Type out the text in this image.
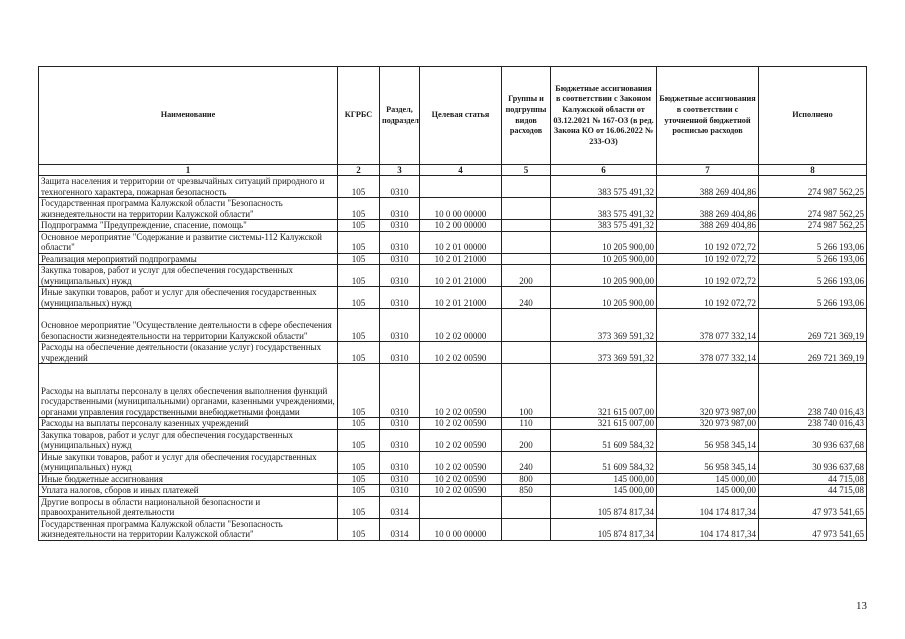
Наименование	КГРБС	Раздел, подраздел	Целевая статья	Группы и подгруппы видов расходов	Бюджетные ассигнования в соответствии с Законом Калужской области от 03.12.2021 № 167-ОЗ (в ред. Закона КО от 16.06.2022 № 233-ОЗ)	Бюджетные ассигнования в соответствии с уточненной бюджетной росписью расходов	Исполнено
1	2	3	4	5	6	7	8
Защита населения и территории от чрезвычайных ситуаций природного и техногенного характера, пожарная безопасность	105	0310			383 575 491,32	388 269 404,86	274 987 562,25
Государственная программа Калужской области "Безопасность жизнедеятельности на территории Калужской области"	105	0310	10 0 00 00000		383 575 491,32	388 269 404,86	274 987 562,25
Подпрограмма "Предупреждение, спасение, помощь"	105	0310	10 2 00 00000		383 575 491,32	388 269 404,86	274 987 562,25
Основное мероприятие "Содержание и развитие системы-112 Калужской области"	105	0310	10 2 01 00000		10 205 900,00	10 192 072,72	5 266 193,06
Реализация мероприятий подпрограммы	105	0310	10 2 01 21000		10 205 900,00	10 192 072,72	5 266 193,06
Закупка товаров, работ и услуг для обеспечения государственных (муниципальных) нужд	105	0310	10 2 01 21000	200	10 205 900,00	10 192 072,72	5 266 193,06
Иные закупки товаров, работ и услуг для обеспечения государственных (муниципальных) нужд	105	0310	10 2 01 21000	240	10 205 900,00	10 192 072,72	5 266 193,06
Основное мероприятие "Осуществление деятельности в сфере обеспечения безопасности жизнедеятельности на территории Калужской области"	105	0310	10 2 02 00000		373 369 591,32	378 077 332,14	269 721 369,19
Расходы на обеспечение деятельности (оказание услуг) государственных учреждений	105	0310	10 2 02 00590		373 369 591,32	378 077 332,14	269 721 369,19
Расходы на выплаты персоналу в целях обеспечения выполнения функций государственными (муниципальными) органами, казенными учреждениями, органами управления государственными внебюджетными фондами	105	0310	10 2 02 00590	100	321 615 007,00	320 973 987,00	238 740 016,43
Расходы на выплаты персоналу казенных учреждений	105	0310	10 2 02 00590	110	321 615 007,00	320 973 987,00	238 740 016,43
Закупка товаров, работ и услуг для обеспечения государственных (муниципальных) нужд	105	0310	10 2 02 00590	200	51 609 584,32	56 958 345,14	30 936 637,68
Иные закупки товаров, работ и услуг для обеспечения государственных (муниципальных) нужд	105	0310	10 2 02 00590	240	51 609 584,32	56 958 345,14	30 936 637,68
Иные бюджетные ассигнования	105	0310	10 2 02 00590	800	145 000,00	145 000,00	44 715,08
Уплата налогов, сборов и иных платежей	105	0310	10 2 02 00590	850	145 000,00	145 000,00	44 715,08
Другие вопросы в области национальной безопасности и правоохранительной деятельности	105	0314			105 874 817,34	104 174 817,34	47 973 541,65
Государственная программа Калужской области "Безопасность жизнедеятельности на территории Калужской области"	105	0314	10 0 00 00000		105 874 817,34	104 174 817,34	47 973 541,65
13
